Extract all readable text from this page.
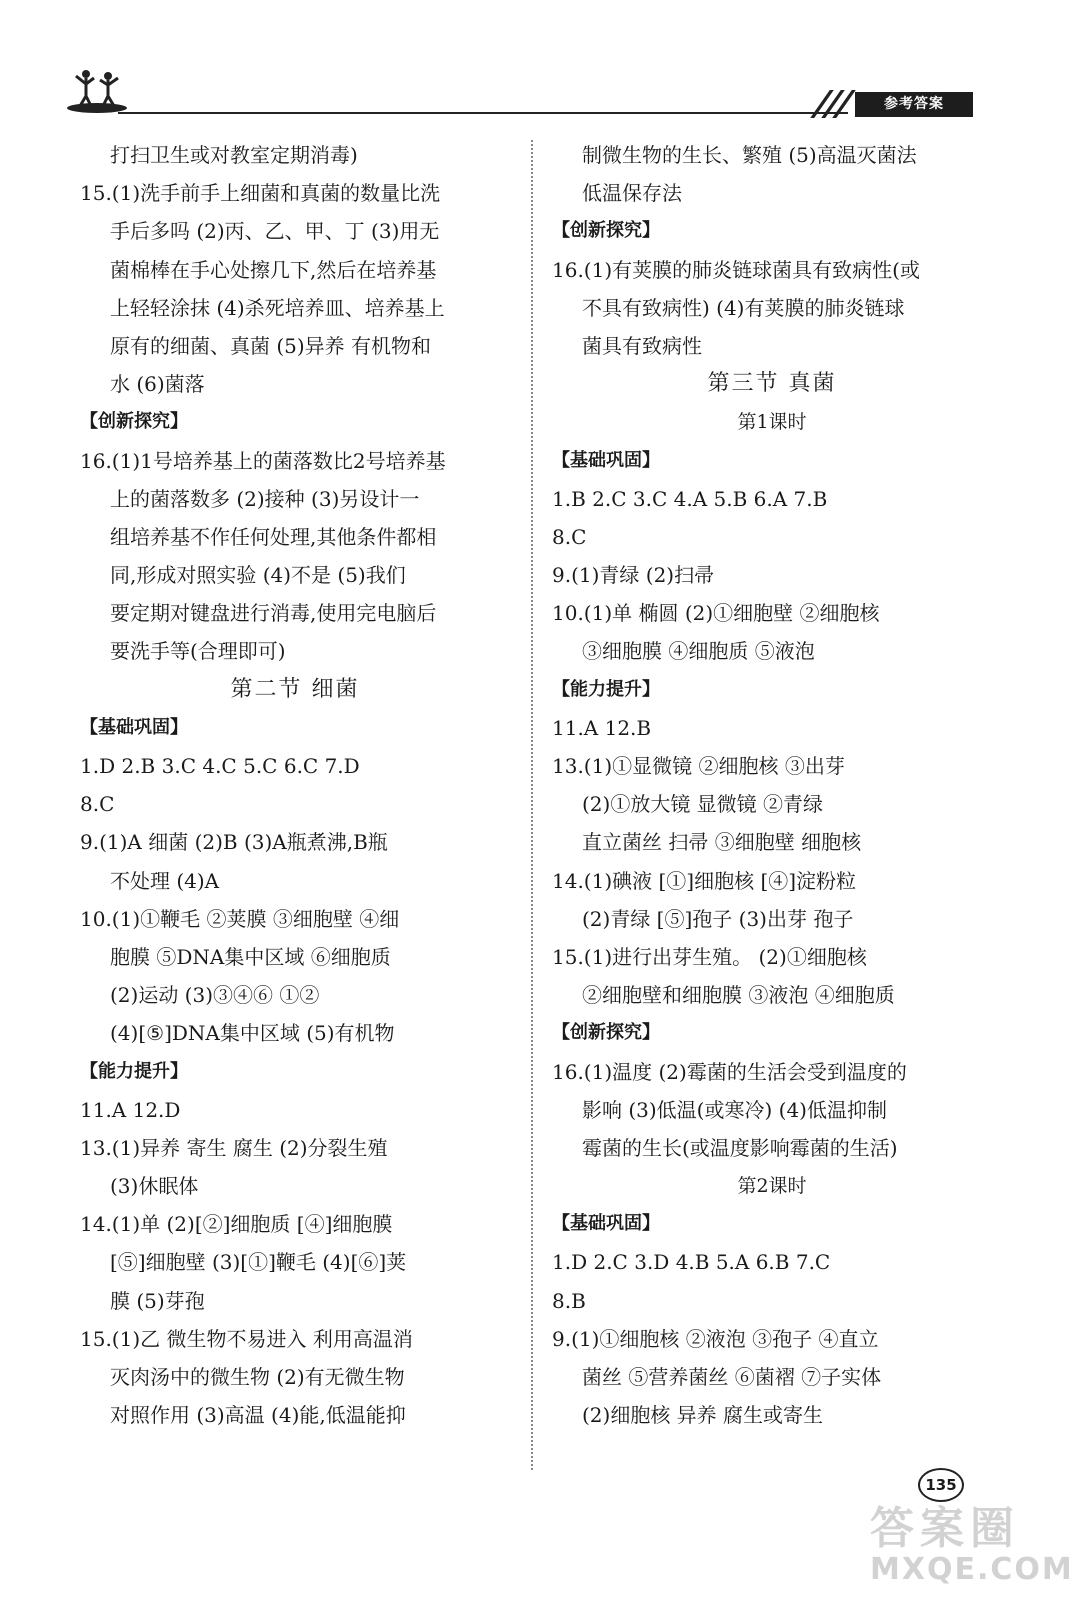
参考答案
打扫卫生或对教室定期消毒)
15.(1)洗手前手上细菌和真菌的数量比洗
手后多吗 (2)丙、乙、甲、丁 (3)用无
菌棉棒在手心处擦几下,然后在培养基
上轻轻涂抹 (4)杀死培养皿、培养基上
原有的细菌、真菌 (5)异养 有机物和
水 (6)菌落
【创新探究】
16.(1)1号培养基上的菌落数比2号培养基
上的菌落数多 (2)接种 (3)另设计一
组培养基不作任何处理,其他条件都相
同,形成对照实验 (4)不是 (5)我们
要定期对键盘进行消毒,使用完电脑后
要洗手等(合理即可)
第二节 细菌
【基础巩固】
1.D 2.B 3.C 4.C 5.C 6.C 7.D
8.C
9.(1)A 细菌 (2)B (3)A瓶煮沸,B瓶
不处理 (4)A
10.(1)①鞭毛 ②荚膜 ③细胞壁 ④细
胞膜 ⑤DNA集中区域 ⑥细胞质
(2)运动 (3)③④⑥ ①②
(4)[⑤]DNA集中区域 (5)有机物
【能力提升】
11.A 12.D
13.(1)异养 寄生 腐生 (2)分裂生殖
(3)休眠体
14.(1)单 (2)[②]细胞质 [④]细胞膜
[⑤]细胞壁 (3)[①]鞭毛 (4)[⑥]荚
膜 (5)芽孢
15.(1)乙 微生物不易进入 利用高温消
灭肉汤中的微生物 (2)有无微生物
对照作用 (3)高温 (4)能,低温能抑
制微生物的生长、繁殖 (5)高温灭菌法
低温保存法
【创新探究】
16.(1)有荚膜的肺炎链球菌具有致病性(或
不具有致病性) (4)有荚膜的肺炎链球
菌具有致病性
第三节 真菌
第1课时
【基础巩固】
1.B 2.C 3.C 4.A 5.B 6.A 7.B
8.C
9.(1)青绿 (2)扫帚
10.(1)单 椭圆 (2)①细胞壁 ②细胞核
③细胞膜 ④细胞质 ⑤液泡
【能力提升】
11.A 12.B
13.(1)①显微镜 ②细胞核 ③出芽
(2)①放大镜 显微镜 ②青绿
直立菌丝 扫帚 ③细胞壁 细胞核
14.(1)碘液 [①]细胞核 [④]淀粉粒
(2)青绿 [⑤]孢子 (3)出芽 孢子
15.(1)进行出芽生殖。 (2)①细胞核
②细胞壁和细胞膜 ③液泡 ④细胞质
【创新探究】
16.(1)温度 (2)霉菌的生活会受到温度的
影响 (3)低温(或寒冷) (4)低温抑制
霉菌的生长(或温度影响霉菌的生活)
第2课时
【基础巩固】
1.D 2.C 3.D 4.B 5.A 6.B 7.C
8.B
9.(1)①细胞核 ②液泡 ③孢子 ④直立
菌丝 ⑤营养菌丝 ⑥菌褶 ⑦子实体
(2)细胞核 异养 腐生或寄生
135
答案圈
MXQE.COM
